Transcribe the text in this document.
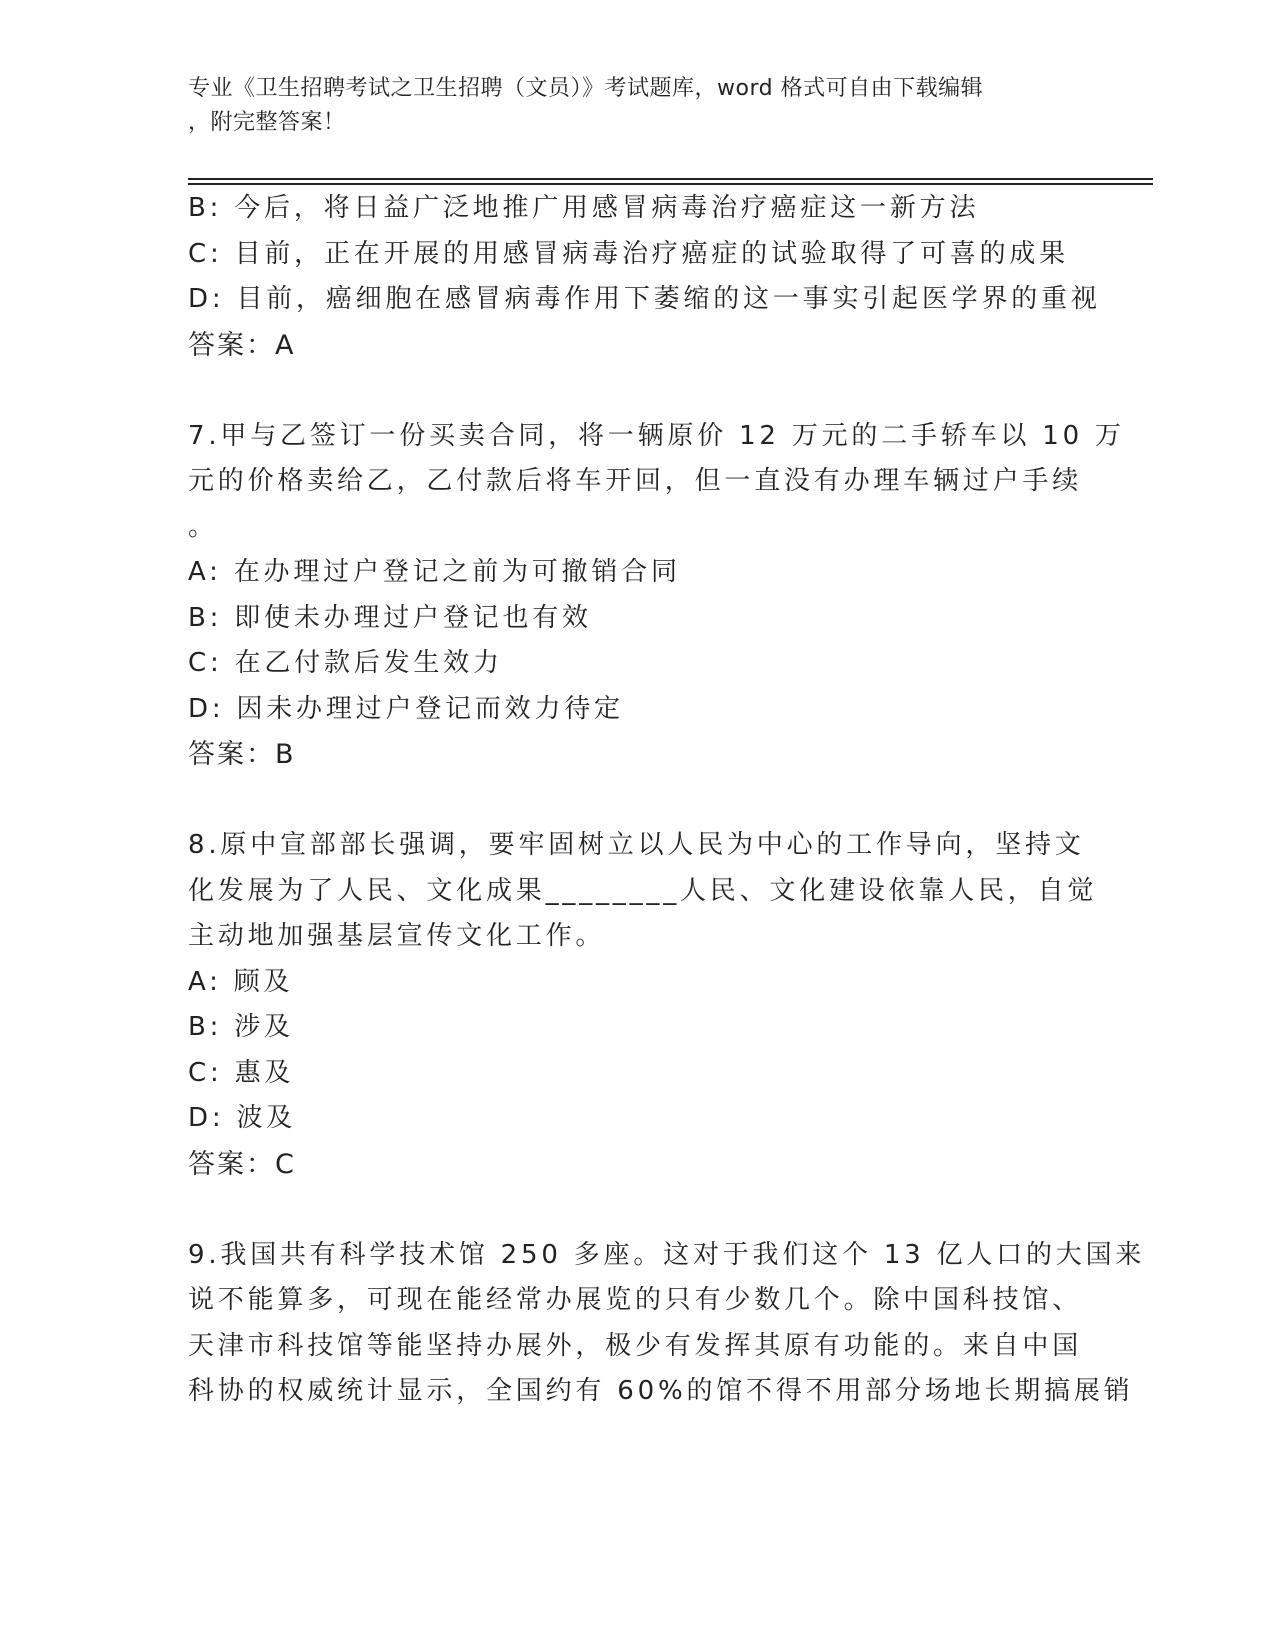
专业《卫生招聘考试之卫生招聘（文员）》考试题库，word 格式可自由下载编辑
，附完整答案！
B: 今后，将日益广泛地推广用感冒病毒治疗癌症这一新方法
C: 目前，正在开展的用感冒病毒治疗癌症的试验取得了可喜的成果
D: 目前，癌细胞在感冒病毒作用下萎缩的这一事实引起医学界的重视
答案：A
7.甲与乙签订一份买卖合同，将一辆原价 12 万元的二手轿车以 10 万
元的价格卖给乙，乙付款后将车开回，但一直没有办理车辆过户手续
。
A: 在办理过户登记之前为可撤销合同
B: 即使未办理过户登记也有效
C: 在乙付款后发生效力
D: 因未办理过户登记而效力待定
答案：B
8.原中宣部部长强调，要牢固树立以人民为中心的工作导向，坚持文
化发展为了人民、文化成果________人民、文化建设依靠人民，自觉
主动地加强基层宣传文化工作。
A: 顾及
B: 涉及
C: 惠及
D: 波及
答案：C
9.我国共有科学技术馆 250 多座。这对于我们这个 13 亿人口的大国来
说不能算多，可现在能经常办展览的只有少数几个。除中国科技馆、
天津市科技馆等能坚持办展外，极少有发挥其原有功能的。来自中国
科协的权威统计显示，全国约有 60%的馆不得不用部分场地长期搞展销
